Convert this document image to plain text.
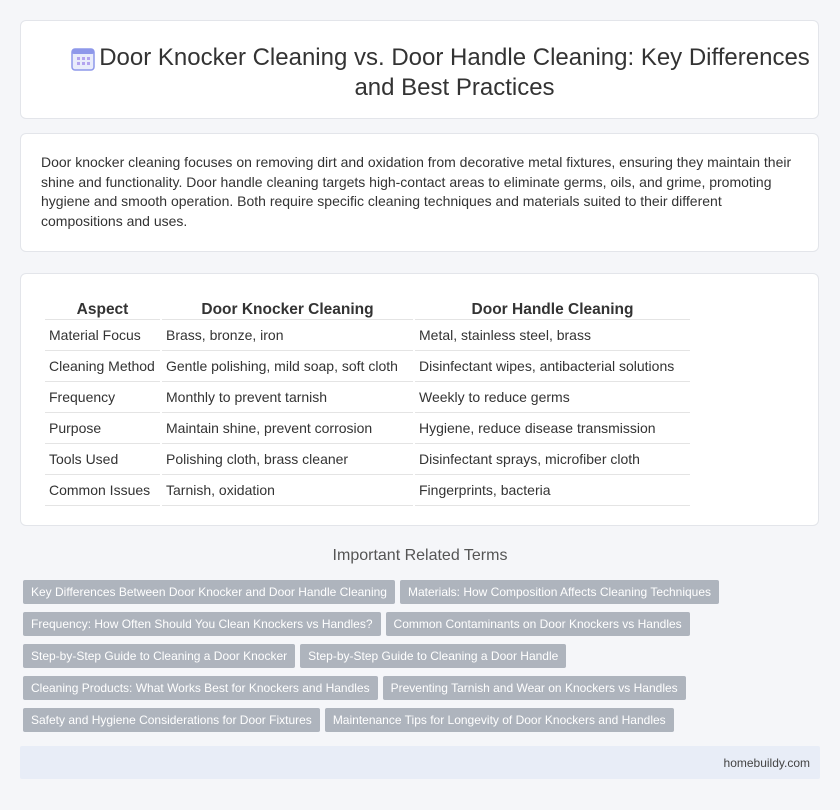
Door Knocker Cleaning vs. Door Handle Cleaning: Key Differences and Best Practices

Door knocker cleaning focuses on removing dirt and oxidation from decorative metal fixtures, ensuring they maintain their shine and functionality. Door handle cleaning targets high-contact areas to eliminate germs, oils, and grime, promoting hygiene and smooth operation. Both require specific cleaning techniques and materials suited to their different compositions and uses.

Aspect	Door Knocker Cleaning	Door Handle Cleaning
Material Focus	Brass, bronze, iron	Metal, stainless steel, brass
Cleaning Method	Gentle polishing, mild soap, soft cloth	Disinfectant wipes, antibacterial solutions
Frequency	Monthly to prevent tarnish	Weekly to reduce germs
Purpose	Maintain shine, prevent corrosion	Hygiene, reduce disease transmission
Tools Used	Polishing cloth, brass cleaner	Disinfectant sprays, microfiber cloth
Common Issues	Tarnish, oxidation	Fingerprints, bacteria
Important Related Terms
Key Differences Between Door Knocker and Door Handle Cleaning Materials: How Composition Affects Cleaning Techniques
Frequency: How Often Should You Clean Knockers vs Handles? Common Contaminants on Door Knockers vs Handles
Step-by-Step Guide to Cleaning a Door Knocker Step-by-Step Guide to Cleaning a Door Handle
Cleaning Products: What Works Best for Knockers and Handles Preventing Tarnish and Wear on Knockers vs Handles
Safety and Hygiene Considerations for Door Fixtures Maintenance Tips for Longevity of Door Knockers and Handles
homebuildy.com
